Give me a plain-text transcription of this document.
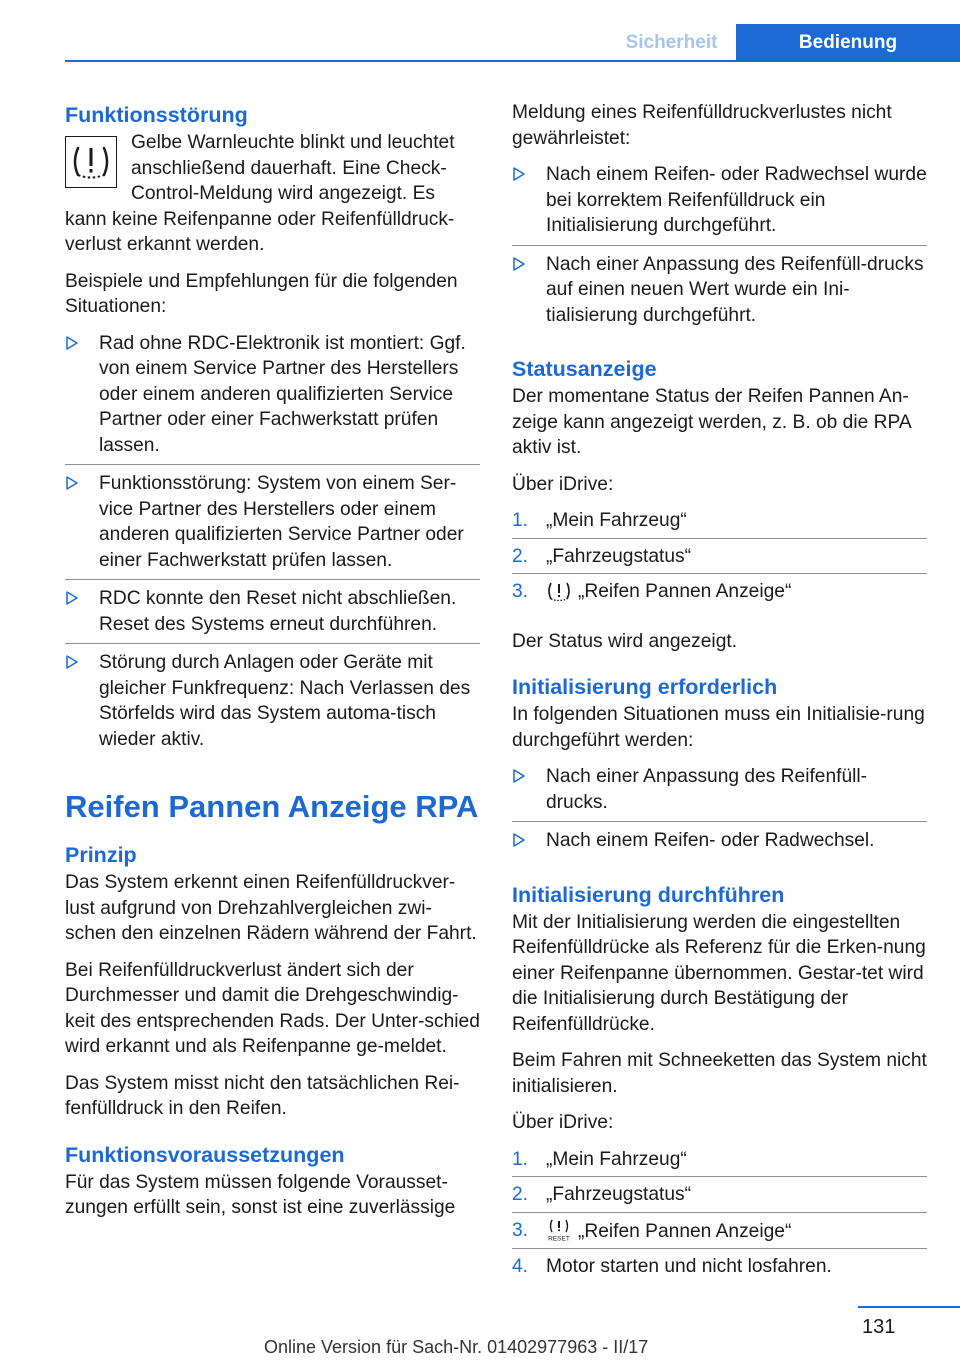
Sicherheit	Bedienung
Funktionsstörung

Gelbe Warnleuchte blinkt und leuchtet anschließend dauerhaft. Eine Check-Control-Meldung wird angezeigt. Es kann keine Reifenpanne oder Reifenfülldruck-verlust erkannt werden.

Beispiele und Empfehlungen für die folgenden Situationen:

Rad ohne RDC-Elektronik ist montiert: Ggf. von einem Service Partner des Herstellers oder einem anderen qualifizierten Service Partner oder einer Fachwerkstatt prüfen lassen.
Funktionsstörung: System von einem Ser-vice Partner des Herstellers oder einem anderen qualifizierten Service Partner oder einer Fachwerkstatt prüfen lassen.
RDC konnte den Reset nicht abschließen. Reset des Systems erneut durchführen.
Störung durch Anlagen oder Geräte mit gleicher Funkfrequenz: Nach Verlassen des Störfelds wird das System automa-tisch wieder aktiv.
Reifen Pannen Anzeige RPA
Prinzip

Das System erkennt einen Reifenfülldruckver-lust aufgrund von Drehzahlvergleichen zwi-schen den einzelnen Rädern während der Fahrt.

Bei Reifenfülldruckverlust ändert sich der Durchmesser und damit die Drehgeschwindig-keit des entsprechenden Rads. Der Unter-schied wird erkannt und als Reifenpanne ge-meldet.

Das System misst nicht den tatsächlichen Rei-fenfülldruck in den Reifen.

Funktionsvoraussetzungen

Für das System müssen folgende Vorausset-zungen erfüllt sein, sonst ist eine zuverlässige

Meldung eines Reifenfülldruckverlustes nicht gewährleistet:

Nach einem Reifen- oder Radwechsel wurde bei korrektem Reifenfülldruck ein Initialisierung durchgeführt.
Nach einer Anpassung des Reifenfüll-drucks auf einen neuen Wert wurde ein Ini-tialisierung durchgeführt.
Statusanzeige

Der momentane Status der Reifen Pannen An-zeige kann angezeigt werden, z. B. ob die RPA aktiv ist.

Über iDrive:

1. „Mein Fahrzeug“
2. „Fahrzeugstatus“
3.	„Reifen Pannen Anzeige“

Der Status wird angezeigt.

Initialisierung erforderlich

In folgenden Situationen muss ein Initialisie-rung durchgeführt werden:

Nach einer Anpassung des Reifenfüll-drucks.
Nach einem Reifen- oder Radwechsel.
Initialisierung durchführen

Mit der Initialisierung werden die eingestellten Reifenfülldrücke als Referenz für die Erken-nung einer Reifenpanne übernommen. Gestar-tet wird die Initialisierung durch Bestätigung der Reifenfülldrücke.

Beim Fahren mit Schneeketten das System nicht initialisieren.

Über iDrive:

1. „Mein Fahrzeug“
2. „Fahrzeugstatus“
3.	RESET „Reifen Pannen Anzeige“
4. Motor starten und nicht losfahren.
131
Online Version für Sach-Nr. 01402977963 - II/17
